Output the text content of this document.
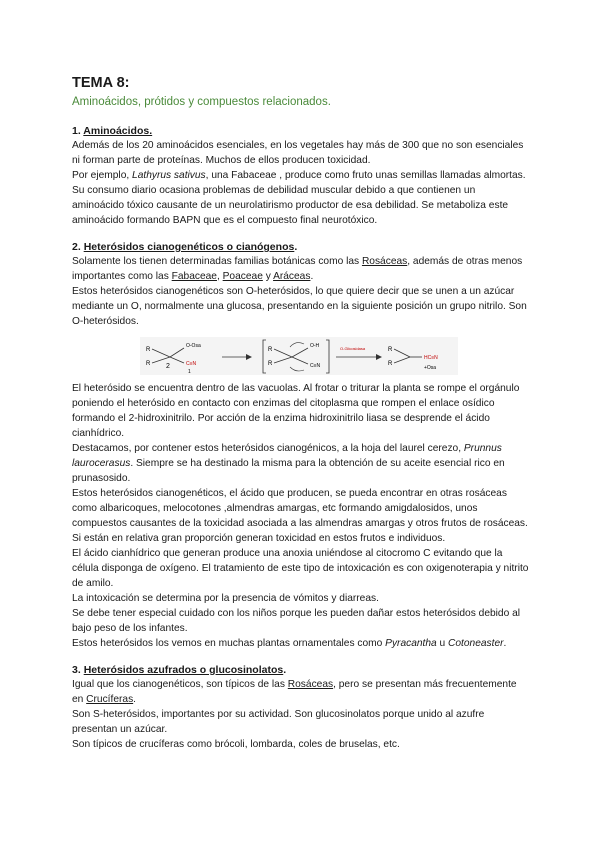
TEMA 8:
Aminoácidos, prótidos y compuestos relacionados.
1. Aminoácidos.

Además de los 20 aminoácidos esenciales, en los vegetales hay más de 300 que no son esenciales ni forman parte de proteínas. Muchos de ellos producen toxicidad.

Por ejemplo, Lathyrus sativus, una Fabaceae , produce como fruto unas semillas llamadas almortas. Su consumo diario ocasiona problemas de debilidad muscular debido a que contienen un aminoácido tóxico causante de un neurolatirismo productor de esa debilidad. Se metaboliza este aminoácido formando BAPN que es el compuesto final neurotóxico.

2. Heterósidos cianogenéticos o cianógenos.

Solamente los tienen determinadas familias botánicas como las Rosáceas, además de otras menos importantes como las Fabaceae, Poaceae y Aráceas.

Estos heterósidos cianogenéticos son O-heterósidos, lo que quiere decir que se unen a un azúcar mediante un O, normalmente una glucosa, presentando en la siguiente posición un grupo nitrilo. Son O-heterósidos.

R
R
O-Osa
2	C≡N
1
R
R
O-H
C≡N
O-Glicosidasa	R
R
HC≡N
+Osa

El heterósido se encuentra dentro de las vacuolas. Al frotar o triturar la planta se rompe el orgánulo poniendo el heterósido en contacto con enzimas del citoplasma que rompen el enlace osídico formando el 2-hidroxinitrilo. Por acción de la enzima hidroxinitrilo liasa se desprende el ácido cianhídrico.

Destacamos, por contener estos heterósidos cianogénicos, a la hoja del laurel cerezo, Prunnus laurocerasus. Siempre se ha destinado la misma para la obtención de su aceite esencial rico en prunasosido.

Estos heterósidos cianogenéticos, el ácido que producen, se pueda encontrar en otras rosáceas como albaricoques, melocotones ,almendras amargas, etc formando amigdalosidos, unos compuestos causantes de la toxicidad asociada a las almendras amargas y otros frutos de rosáceas.

Si están en relativa gran proporción generan toxicidad en estos frutos e individuos.

El ácido cianhídrico que generan produce una anoxia uniéndose al citocromo C evitando que la célula disponga de oxígeno. El tratamiento de este tipo de intoxicación es con oxigenoterapia y nitrito de amilo.

La intoxicación se determina por la presencia de vómitos y diarreas.

Se debe tener especial cuidado con los niños porque les pueden dañar estos heterósidos debido al bajo peso de los infantes.

Estos heterósidos los vemos en muchas plantas ornamentales como Pyracantha u Cotoneaster.

3. Heterósidos azufrados o glucosinolatos.

Igual que los cianogenéticos, son típicos de las Rosáceas, pero se presentan más frecuentemente en Crucíferas.

Son S-heterósidos, importantes por su actividad. Son glucosinolatos porque unido al azufre presentan un azúcar.

Son típicos de crucíferas como brócoli, lombarda, coles de bruselas, etc.
